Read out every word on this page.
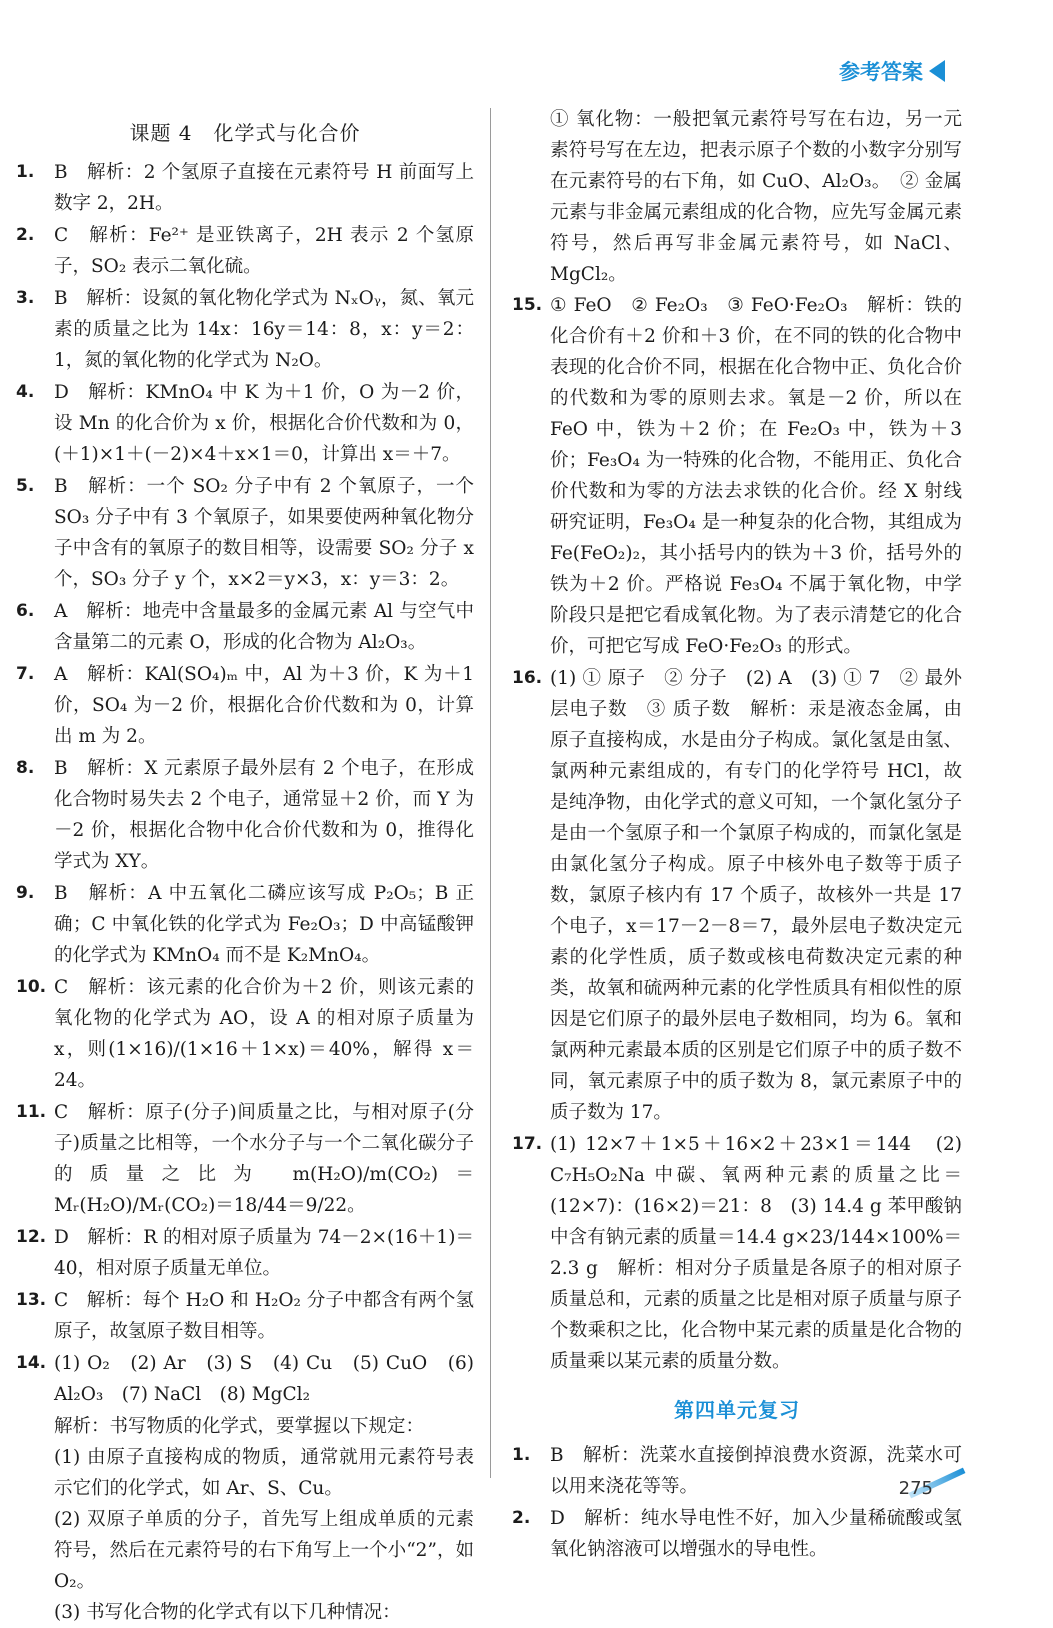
参考答案
课题 4　化学式与化合价
1.	B　解析：2 个氢原子直接在元素符号 H 前面写上数字 2，2H。
2.	C　解析：Fe²⁺ 是亚铁离子，2H 表示 2 个氢原子，SO₂ 表示二氧化硫。
3.	B　解析：设氮的氧化物化学式为 NₓOᵧ，氮、氧元素的质量之比为 14x：16y＝14：8，x：y＝2：1，氮的氧化物的化学式为 N₂O。
4.	D　解析：KMnO₄ 中 K 为＋1 价，O 为－2 价，设 Mn 的化合价为 x 价，根据化合价代数和为 0，(＋1)×1＋(－2)×4＋x×1＝0，计算出 x＝＋7。
5.	B　解析：一个 SO₂ 分子中有 2 个氧原子，一个 SO₃ 分子中有 3 个氧原子，如果要使两种氧化物分子中含有的氧原子的数目相等，设需要 SO₂ 分子 x 个，SO₃ 分子 y 个，x×2＝y×3，x：y＝3：2。
6.	A　解析：地壳中含量最多的金属元素 Al 与空气中含量第二的元素 O，形成的化合物为 Al₂O₃。
7.	A　解析：KAl(SO₄)ₘ 中，Al 为＋3 价，K 为＋1 价，SO₄ 为－2 价，根据化合价代数和为 0，计算出 m 为 2。
8.	B　解析：X 元素原子最外层有 2 个电子，在形成化合物时易失去 2 个电子，通常显＋2 价，而 Y 为－2 价，根据化合物中化合价代数和为 0，推得化学式为 XY。
9.	B　解析：A 中五氧化二磷应该写成 P₂O₅；B 正确；C 中氧化铁的化学式为 Fe₂O₃；D 中高锰酸钾的化学式为 KMnO₄ 而不是 K₂MnO₄。
10. C　解析：该元素的化合价为＋2 价，则该元素的氧化物的化学式为 AO，设 A 的相对原子质量为 x，则(1×16)/(1×16＋1×x)＝40%，解得 x＝24。
11. C　解析：原子(分子)间质量之比，与相对原子(分子)质量之比相等，一个水分子与一个二氧化碳分子的质量之比为 m(H₂O)/m(CO₂)＝Mᵣ(H₂O)/Mᵣ(CO₂)＝18/44＝9/22。
12. D　解析：R 的相对原子质量为 74－2×(16＋1)＝40，相对原子质量无单位。
13. C　解析：每个 H₂O 和 H₂O₂ 分子中都含有两个氢原子，故氢原子数目相等。
14. (1) O₂　(2) Ar　(3) S　(4) Cu　(5) CuO　(6) Al₂O₃　(7) NaCl　(8) MgCl₂
解析：书写物质的化学式，要掌握以下规定：
(1) 由原子直接构成的物质，通常就用元素符号表示它们的化学式，如 Ar、S、Cu。
(2) 双原子单质的分子，首先写上组成单质的元素符号，然后在元素符号的右下角写上一个小“2”，如 O₂。
(3) 书写化合物的化学式有以下几种情况：
① 氧化物：一般把氧元素符号写在右边，另一元素符号写在左边，把表示原子个数的小数字分别写在元素符号的右下角，如 CuO、Al₂O₃。　② 金属元素与非金属元素组成的化合物，应先写金属元素符号，然后再写非金属元素符号，如 NaCl、MgCl₂。
15. ① FeO　② Fe₂O₃　③ FeO·Fe₂O₃　解析：铁的化合价有＋2 价和＋3 价，在不同的铁的化合物中表现的化合价不同，根据在化合物中正、负化合价的代数和为零的原则去求。氧是－2 价，所以在 FeO 中，铁为＋2 价；在 Fe₂O₃ 中，铁为＋3 价；Fe₃O₄ 为一特殊的化合物，不能用正、负化合价代数和为零的方法去求铁的化合价。经 X 射线研究证明，Fe₃O₄ 是一种复杂的化合物，其组成为 Fe(FeO₂)₂，其小括号内的铁为＋3 价，括号外的铁为＋2 价。严格说 Fe₃O₄ 不属于氧化物，中学阶段只是把它看成氧化物。为了表示清楚它的化合价，可把它写成 FeO·Fe₂O₃ 的形式。
16. (1) ① 原子　② 分子　(2) A　(3) ① 7　② 最外层电子数　③ 质子数　解析：汞是液态金属，由原子直接构成，水是由分子构成。氯化氢是由氢、氯两种元素组成的，有专门的化学符号 HCl，故是纯净物，由化学式的意义可知，一个氯化氢分子是由一个氢原子和一个氯原子构成的，而氯化氢是由氯化氢分子构成。原子中核外电子数等于质子数，氯原子核内有 17 个质子，故核外一共是 17 个电子，x＝17－2－8＝7，最外层电子数决定元素的化学性质，质子数或核电荷数决定元素的种类，故氧和硫两种元素的化学性质具有相似性的原因是它们原子的最外层电子数相同，均为 6。氧和氯两种元素最本质的区别是它们原子中的质子数不同，氧元素原子中的质子数为 8，氯元素原子中的质子数为 17。
17. (1) 12×7＋1×5＋16×2＋23×1＝144　(2) C₇H₅O₂Na 中碳、氧两种元素的质量之比＝(12×7)：(16×2)＝21：8　(3) 14.4 g 苯甲酸钠中含有钠元素的质量＝14.4 g×23/144×100%＝2.3 g　解析：相对分子质量是各原子的相对原子质量总和，元素的质量之比是相对原子质量与原子个数乘积之比，化合物中某元素的质量是化合物的质量乘以某元素的质量分数。
第四单元复习
1.	B　解析：洗菜水直接倒掉浪费水资源，洗菜水可以用来浇花等等。
2.	D　解析：纯水导电性不好，加入少量稀硫酸或氢氧化钠溶液可以增强水的导电性。
275
